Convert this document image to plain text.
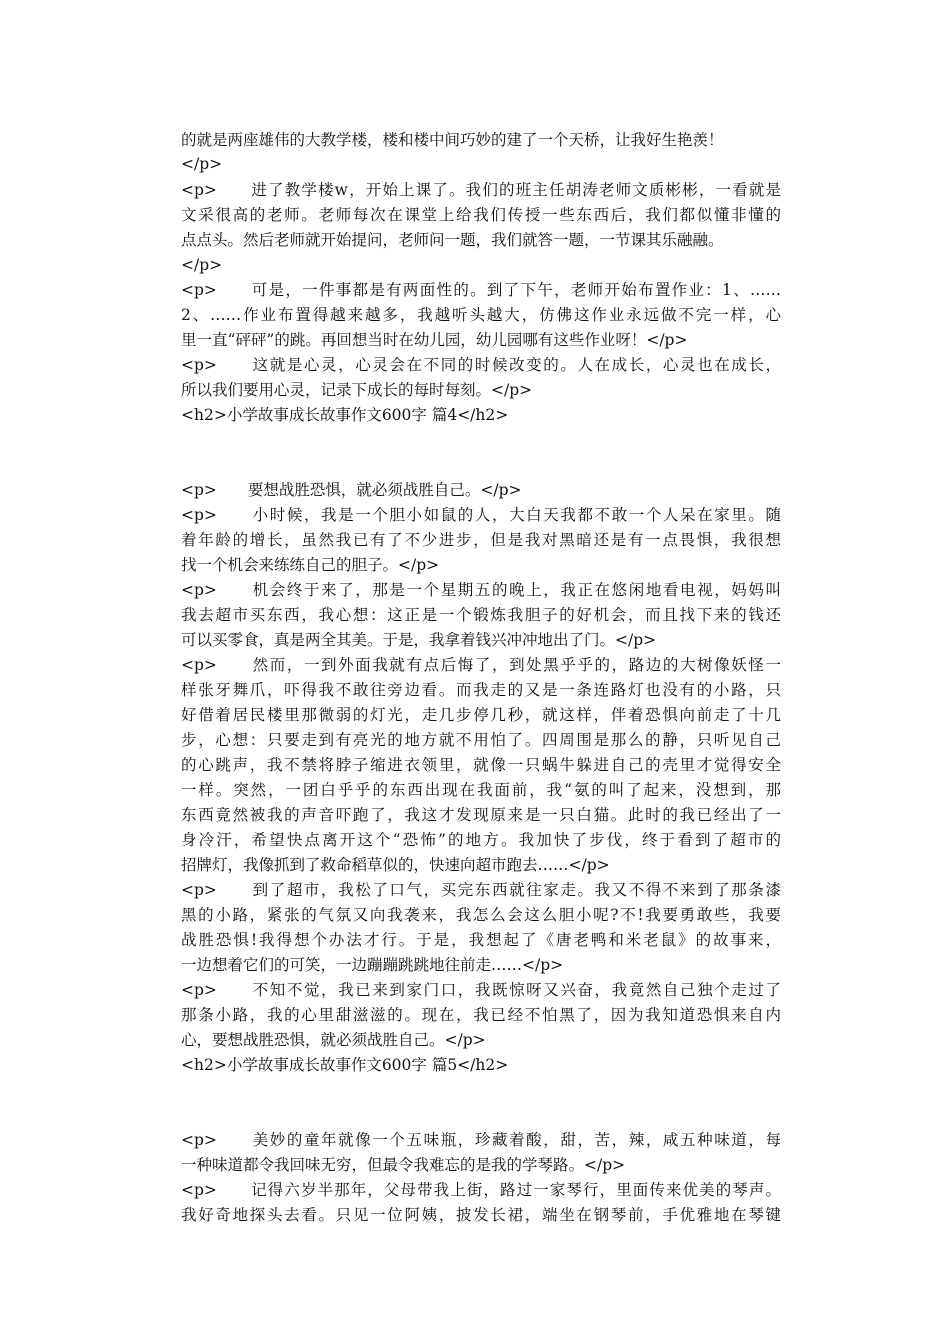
的就是两座雄伟的大教学楼，楼和楼中间巧妙的建了一个天桥，让我好生艳羡！
</p>
<p>　　进了教学楼w，开始上课了。我们的班主任胡涛老师文质彬彬，一看就是
文采很高的老师。老师每次在课堂上给我们传授一些东西后，我们都似懂非懂的
点点头。然后老师就开始提问，老师问一题，我们就答一题，一节课其乐融融。
</p>
<p>　　可是，一件事都是有两面性的。到了下午，老师开始布置作业：1、……
2、……作业布置得越来越多，我越听头越大，仿佛这作业永远做不完一样，心
里一直“砰砰”的跳。再回想当时在幼儿园，幼儿园哪有这些作业呀！</p>
<p>　　这就是心灵，心灵会在不同的时候改变的。人在成长，心灵也在成长，
所以我们要用心灵，记录下成长的每时每刻。</p>
<h2>小学故事成长故事作文600字 篇4</h2>
<p>　　要想战胜恐惧，就必须战胜自己。</p>
<p>　　小时候，我是一个胆小如鼠的人，大白天我都不敢一个人呆在家里。随
着年龄的增长，虽然我已有了不少进步，但是我对黑暗还是有一点畏惧，我很想
找一个机会来练练自己的胆子。</p>
<p>　　机会终于来了，那是一个星期五的晚上，我正在悠闲地看电视，妈妈叫
我去超市买东西，我心想：这正是一个锻炼我胆子的好机会，而且找下来的钱还
可以买零食，真是两全其美。于是，我拿着钱兴冲冲地出了门。</p>
<p>　　然而，一到外面我就有点后悔了，到处黑乎乎的，路边的大树像妖怪一
样张牙舞爪，吓得我不敢往旁边看。而我走的又是一条连路灯也没有的小路，只
好借着居民楼里那微弱的灯光，走几步停几秒，就这样，伴着恐惧向前走了十几
步，心想：只要走到有亮光的地方就不用怕了。四周围是那么的静，只听见自己
的心跳声，我不禁将脖子缩进衣领里，就像一只蜗牛躲进自己的壳里才觉得安全
一样。突然，一团白乎乎的东西出现在我面前，我“氨的叫了起来，没想到，那
东西竟然被我的声音吓跑了，我这才发现原来是一只白猫。此时的我已经出了一
身冷汗，希望快点离开这个“恐怖”的地方。我加快了步伐，终于看到了超市的
招牌灯，我像抓到了救命稻草似的，快速向超市跑去……</p>
<p>　　到了超市，我松了口气，买完东西就往家走。我又不得不来到了那条漆
黑的小路，紧张的气氛又向我袭来，我怎么会这么胆小呢?不!我要勇敢些，我要
战胜恐惧!我得想个办法才行。于是，我想起了《唐老鸭和米老鼠》的故事来，
一边想着它们的可笑，一边蹦蹦跳跳地往前走……</p>
<p>　　不知不觉，我已来到家门口，我既惊呀又兴奋，我竟然自己独个走过了
那条小路，我的心里甜滋滋的。现在，我已经不怕黑了，因为我知道恐惧来自内
心，要想战胜恐惧，就必须战胜自己。</p>
<h2>小学故事成长故事作文600字 篇5</h2>
<p>　　美妙的童年就像一个五味瓶，珍藏着酸，甜，苦，辣，咸五种味道，每
一种味道都令我回味无穷，但最令我难忘的是我的学琴路。</p>
<p>　　记得六岁半那年，父母带我上街，路过一家琴行，里面传来优美的琴声。
我好奇地探头去看。只见一位阿姨，披发长裙，端坐在钢琴前，手优雅地在琴键
